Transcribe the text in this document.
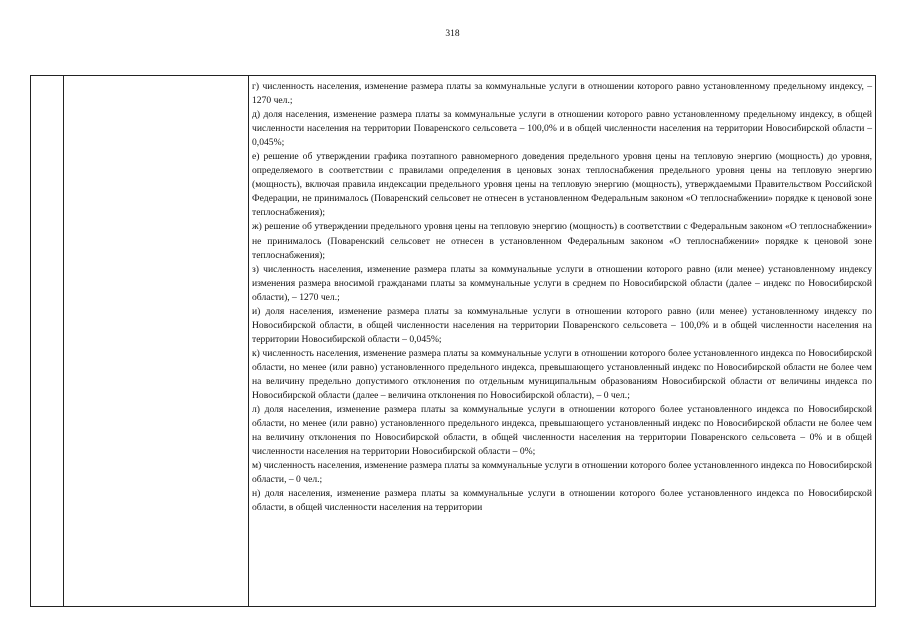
318

г) численность населения, изменение размера платы за коммунальные услуги в отношении которого равно установленному предельному индексу, – 1270 чел.;

д) доля населения, изменение размера платы за коммунальные услуги в отношении которого равно установленному предельному индексу, в общей численности населения на территории Поваренского сельсовета – 100,0% и в общей численности населения на территории Новосибирской области – 0,045%;

е) решение об утверждении графика поэтапного равномерного доведения предельного уровня цены на тепловую энергию (мощность) до уровня, определяемого в соответствии с правилами определения в ценовых зонах теплоснабжения предельного уровня цены на тепловую энергию (мощность), включая правила индексации предельного уровня цены на тепловую энергию (мощность), утверждаемыми Правительством Российской Федерации, не принималось (Поваренский сельсовет не отнесен в установленном Федеральным законом «О теплоснабжении» порядке к ценовой зоне теплоснабжения);

ж) решение об утверждении предельного уровня цены на тепловую энергию (мощность) в соответствии с Федеральным законом «О теплоснабжении» не принималось (Поваренский сельсовет не отнесен в установленном Федеральным законом «О теплоснабжении» порядке к ценовой зоне теплоснабжения);

з) численность населения, изменение размера платы за коммунальные услуги в отношении которого равно (или менее) установленному индексу изменения размера вносимой гражданами платы за коммунальные услуги в среднем по Новосибирской области (далее – индекс по Новосибирской области), – 1270 чел.;

и) доля населения, изменение размера платы за коммунальные услуги в отношении которого равно (или менее) установленному индексу по Новосибирской области, в общей численности населения на территории Поваренского сельсовета – 100,0% и в общей численности населения на территории Новосибирской области – 0,045%;

к) численность населения, изменение размера платы за коммунальные услуги в отношении которого более установленного индекса по Новосибирской области, но менее (или равно) установленного предельного индекса, превышающего установленный индекс по Новосибирской области не более чем на величину предельно допустимого отклонения по отдельным муниципальным образованиям Новосибирской области от величины индекса по Новосибирской области (далее – величина отклонения по Новосибирской области), – 0 чел.;

л) доля населения, изменение размера платы за коммунальные услуги в отношении которого более установленного индекса по Новосибирской области, но менее (или равно) установленного предельного индекса, превышающего установленный индекс по Новосибирской области не более чем на величину отклонения по Новосибирской области, в общей численности населения на территории Поваренского сельсовета – 0% и в общей численности населения на территории Новосибирской области – 0%;

м) численность населения, изменение размера платы за коммунальные услуги в отношении которого более установленного индекса по Новосибирской области, – 0 чел.;

н) доля населения, изменение размера платы за коммунальные услуги в отношении которого более установленного индекса по Новосибирской области, в общей численности населения на территории
